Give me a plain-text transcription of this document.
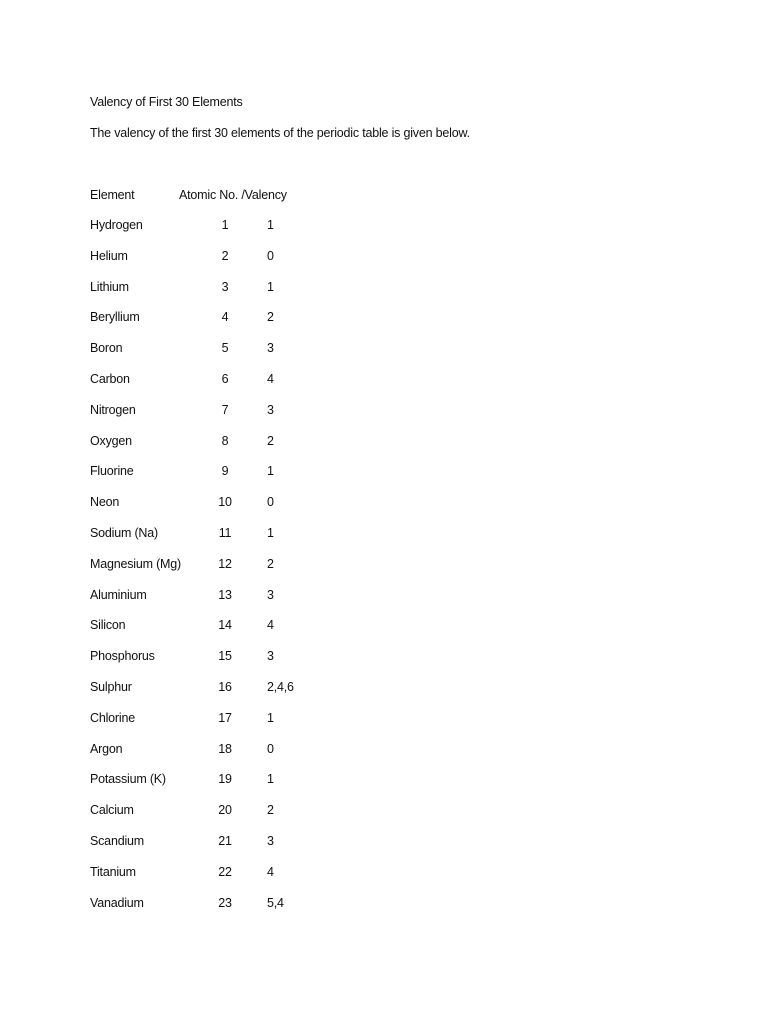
Valency of First 30 Elements
The valency of the first 30 elements of the periodic table is given below.
Element	Atomic No. /Valency
Hydrogen	1	1
Helium	2	0
Lithium	3	1
Beryllium	4	2
Boron	5	3
Carbon	6	4
Nitrogen	7	3
Oxygen	8	2
Fluorine	9	1
Neon	10	0
Sodium (Na)	11	1
Magnesium (Mg)	12	2
Aluminium	13	3
Silicon	14	4
Phosphorus	15	3
Sulphur	16	2,4,6
Chlorine	17	1
Argon	18	0
Potassium (K)	19	1
Calcium	20	2
Scandium	21	3
Titanium	22	4
Vanadium	23	5,4
